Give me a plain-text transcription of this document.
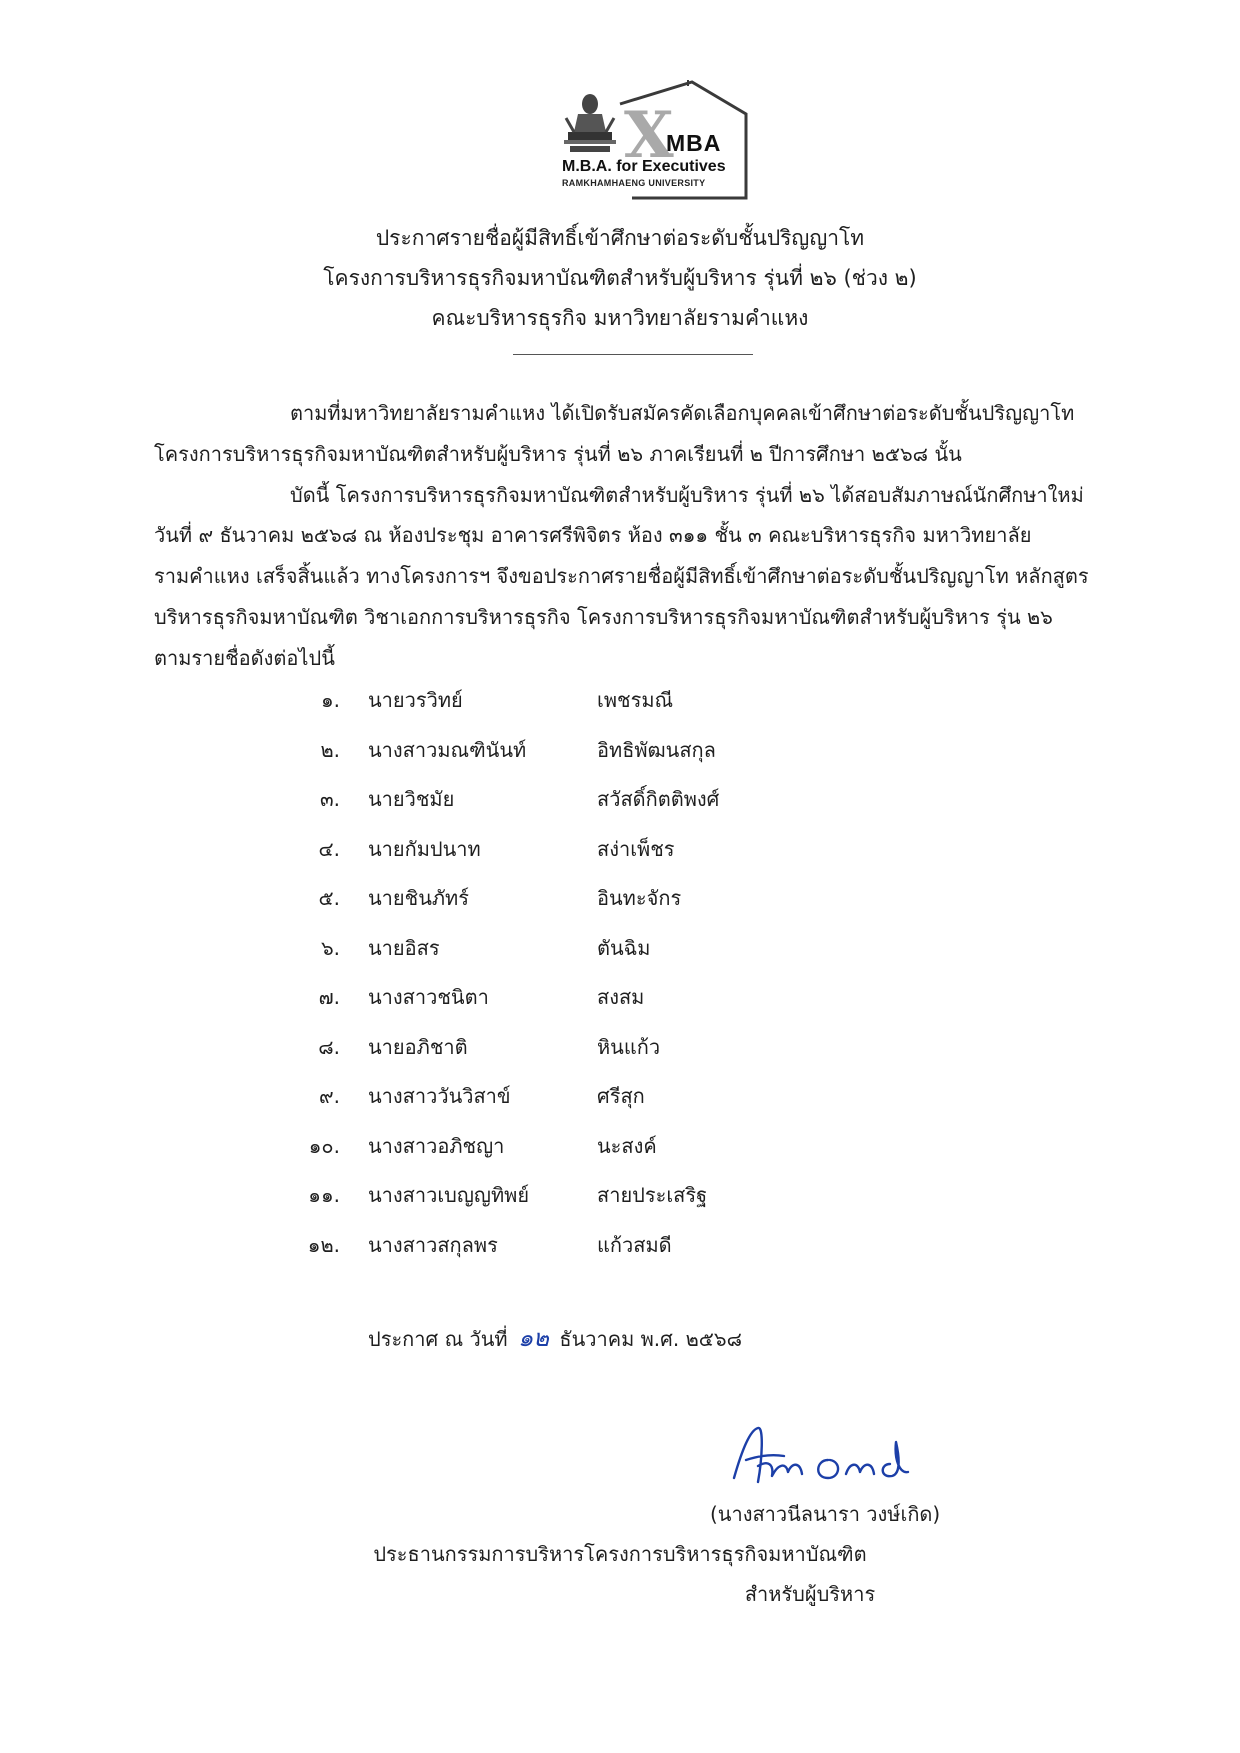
X
MBA
M.B.A. for Executives
RAMKHAMHAENG UNIVERSITY
ประกาศรายชื่อผู้มีสิทธิ์เข้าศึกษาต่อระดับชั้นปริญญาโท
โครงการบริหารธุรกิจมหาบัณฑิตสำหรับผู้บริหาร รุ่นที่ ๒๖ (ช่วง ๒)
คณะบริหารธุรกิจ มหาวิทยาลัยรามคำแหง
ตามที่มหาวิทยาลัยรามคำแหง ได้เปิดรับสมัครคัดเลือกบุคคลเข้าศึกษาต่อระดับชั้นปริญญาโท
โครงการบริหารธุรกิจมหาบัณฑิตสำหรับผู้บริหาร รุ่นที่ ๒๖ ภาคเรียนที่ ๒ ปีการศึกษา ๒๕๖๘ นั้น
บัดนี้ โครงการบริหารธุรกิจมหาบัณฑิตสำหรับผู้บริหาร รุ่นที่ ๒๖ ได้สอบสัมภาษณ์นักศึกษาใหม่
วันที่ ๙ ธันวาคม ๒๕๖๘ ณ ห้องประชุม อาคารศรีพิจิตร ห้อง ๓๑๑ ชั้น ๓ คณะบริหารธุรกิจ มหาวิทยาลัย
รามคำแหง เสร็จสิ้นแล้ว ทางโครงการฯ จึงขอประกาศรายชื่อผู้มีสิทธิ์เข้าศึกษาต่อระดับชั้นปริญญาโท หลักสูตร
บริหารธุรกิจมหาบัณฑิต วิชาเอกการบริหารธุรกิจ โครงการบริหารธุรกิจมหาบัณฑิตสำหรับผู้บริหาร รุ่น ๒๖
ตามรายชื่อดังต่อไปนี้
๑. นายวรวิทย์	เพชรมณี
๒. นางสาวมณฑินันท์	อิทธิพัฒนสกุล
๓. นายวิชมัย	สวัสดิ์กิตติพงศ์
๔. นายกัมปนาท	สง่าเพ็ชร
๕. นายชินภัทร์	อินทะจักร
๖. นายอิสร	ตันฉิม
๗. นางสาวชนิตา	สงสม
๘. นายอภิชาติ	หินแก้ว
๙. นางสาววันวิสาข์	ศรีสุก
๑๐. นางสาวอภิชญา	นะสงค์
๑๑. นางสาวเบญญทิพย์	สายประเสริฐ
๑๒. นางสาวสกุลพร	แก้วสมดี
ประกาศ ณ วันที่ ๑๒ ธันวาคม พ.ศ. ๒๕๖๘
(นางสาวนีลนารา วงษ์เกิด)
ประธานกรรมการบริหารโครงการบริหารธุรกิจมหาบัณฑิต
สำหรับผู้บริหาร
